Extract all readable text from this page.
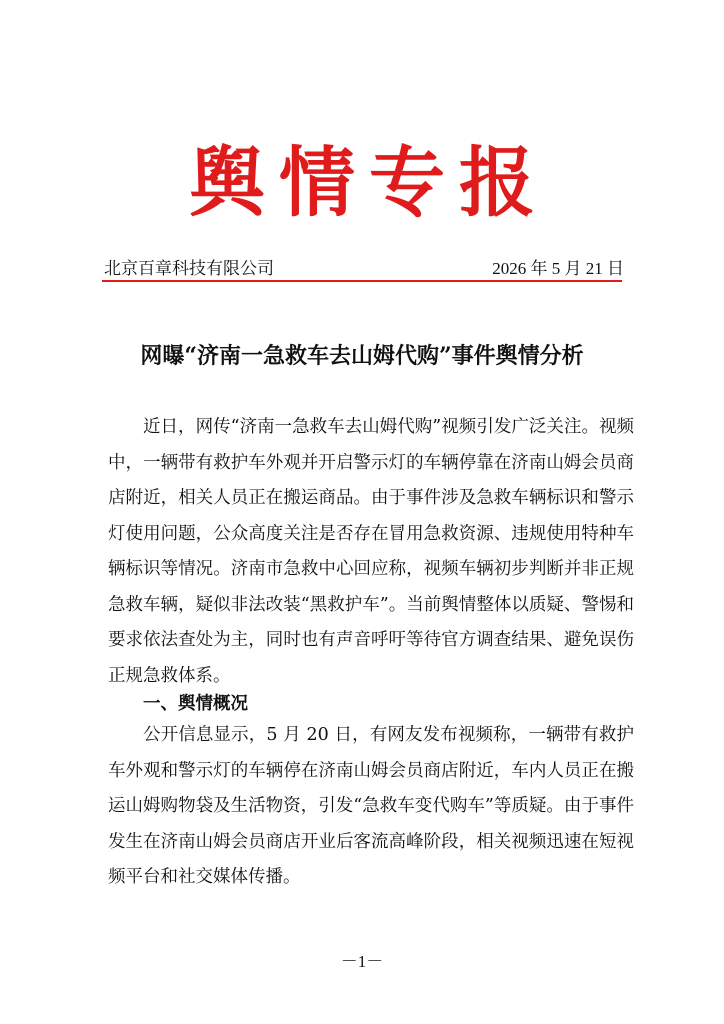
舆情专报
北京百章科技有限公司	2026 年 5 月 21 日
网曝“济南一急救车去山姆代购”事件舆情分析

近日，网传“济南一急救车去山姆代购”视频引发广泛关注。视频中，一辆带有救护车外观并开启警示灯的车辆停靠在济南山姆会员商店附近，相关人员正在搬运商品。由于事件涉及急救车辆标识和警示灯使用问题，公众高度关注是否存在冒用急救资源、违规使用特种车辆标识等情况。济南市急救中心回应称，视频车辆初步判断并非正规急救车辆，疑似非法改装“黑救护车”。当前舆情整体以质疑、警惕和要求依法查处为主，同时也有声音呼吁等待官方调查结果、避免误伤正规急救体系。

一、舆情概况

公开信息显示，5 月 20 日，有网友发布视频称，一辆带有救护车外观和警示灯的车辆停在济南山姆会员商店附近，车内人员正在搬运山姆购物袋及生活物资，引发“急救车变代购车”等质疑。由于事件发生在济南山姆会员商店开业后客流高峰阶段，相关视频迅速在短视频平台和社交媒体传播。

－1－
